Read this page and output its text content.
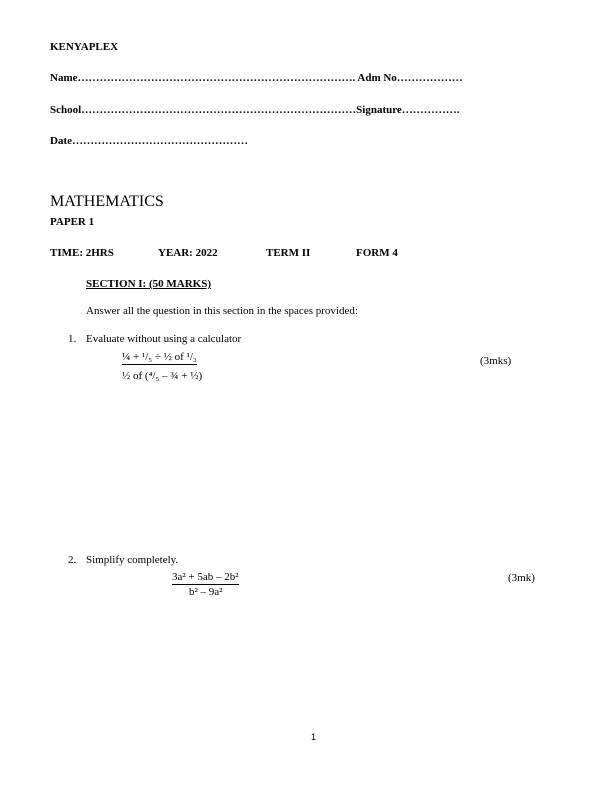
KENYAPLEX
Name…………………………………………………………………. Adm No………………
School…………………………………………………………………Signature…………….
Date…………………………………………
MATHEMATICS
PAPER 1
TIME: 2HRS	YEAR: 2022	TERM II	FORM 4
SECTION I: (50 MARKS)
Answer all the question in this section in the spaces provided:
1. Evaluate without using a calculator
¼ + ¹/₅ ÷ ½ of ¹/₃
½ of (⁴/₅ – ¾ + ½)
(3mks)
2. Simplify completely.
3a² + 5ab – 2b²
b² – 9a²
(3mk)
1
